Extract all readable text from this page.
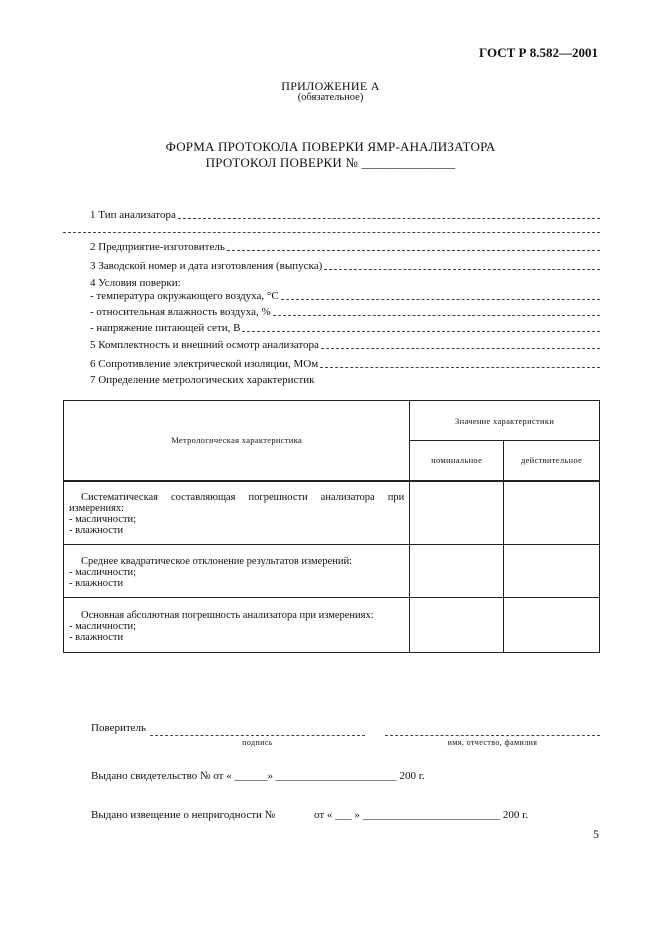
ГОСТ Р 8.582—2001
ПРИЛОЖЕНИЕ А
(обязательное)
ФОРМА ПРОТОКОЛА ПОВЕРКИ ЯМР-АНАЛИЗАТОРА
ПРОТОКОЛ ПОВЕРКИ № ______________
1 Тип анализатора
2 Предприятие-изготовитель
3 Заводской номер и дата изготовления (выпуска)
4 Условия поверки:
- температура окружающего воздуха, °С
- относительная влажность воздуха, %
- напряжение питающей сети, В
5 Комплектность и внешний осмотр анализатора
6 Сопротивление электрической изоляции, МОм
7 Определение метрологических характеристик
Метрологическая характеристика	Значение характеристики	
	номинальное	действительное

Систематическая составляющая погрешности анализатора при измерениях:
- масличности;
- влажности		

Среднее квадратическое отклонение результатов измерений:
- масличности;
- влажности		

Основная абсолютная погрешность анализатора при измерениях:
- масличности;
- влажности		

Поверитель
подпись	имя, отчество, фамилия
Выдано свидетельство № от « ______» ______________________ 200 г.
Выдано извещение о непригодности №	от « ___ » _________________________ 200 г.
5
